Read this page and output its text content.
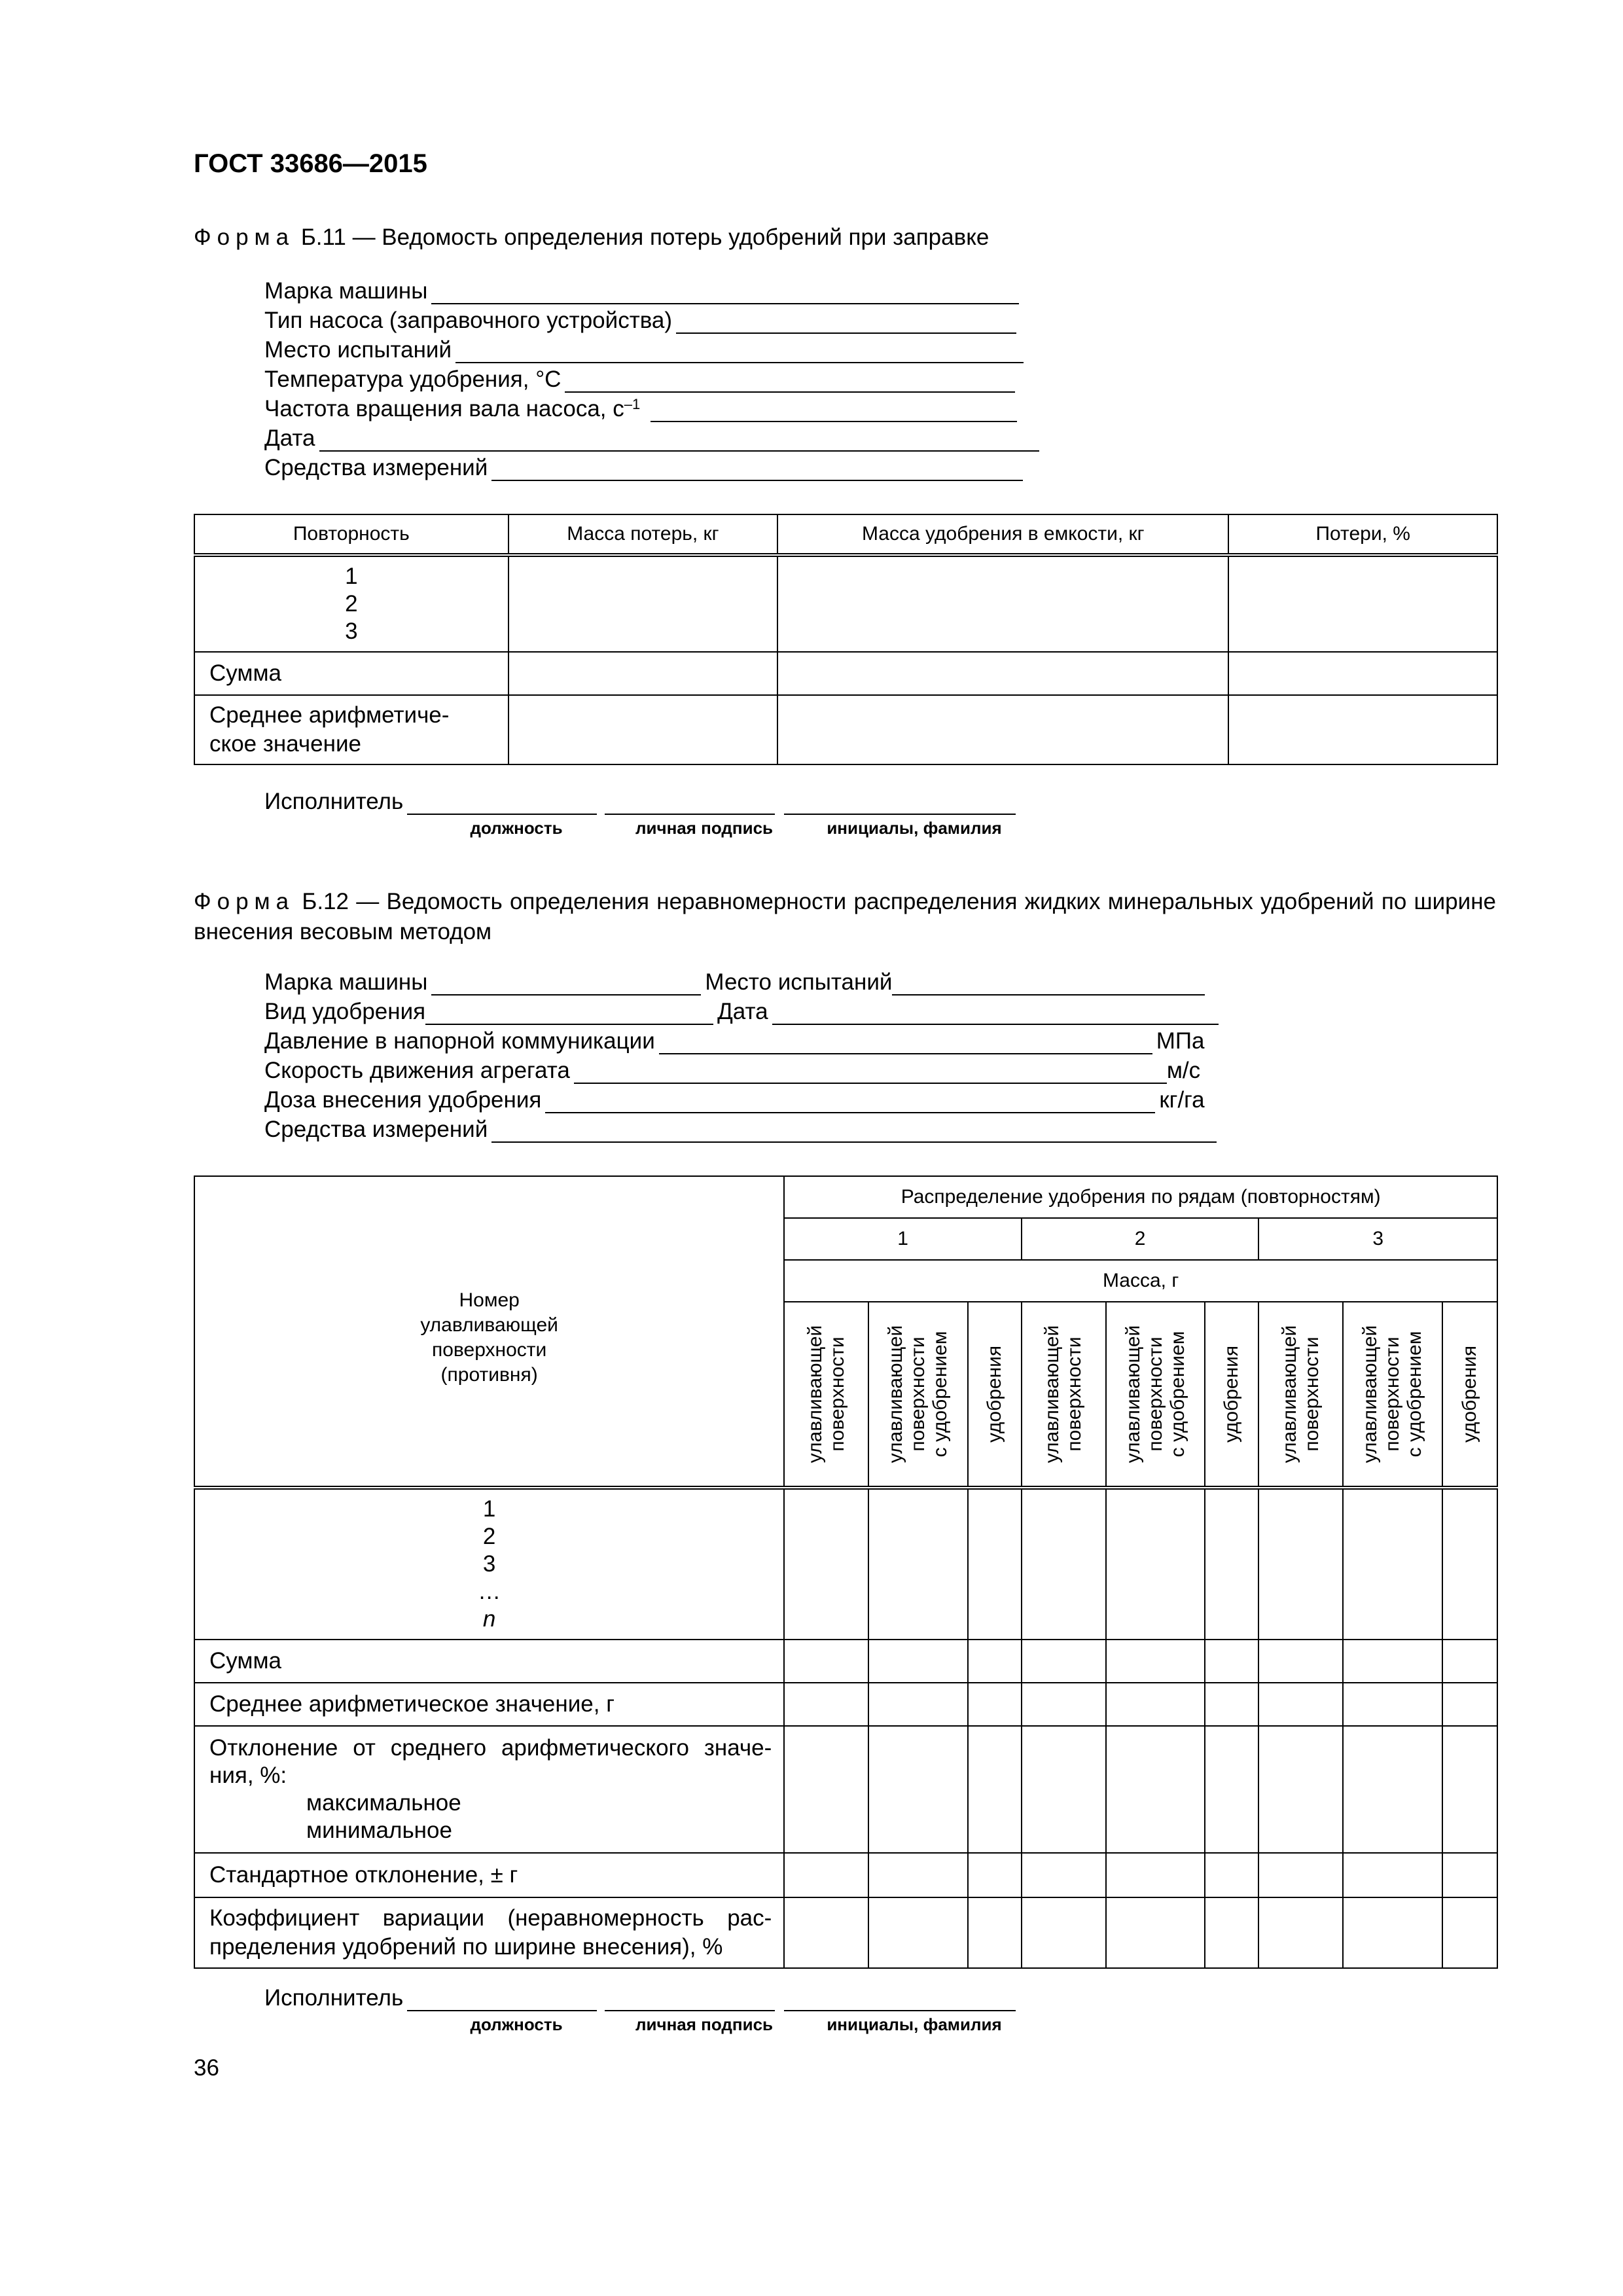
ГОСТ 33686—2015
Форма Б.11 — Ведомость определения потерь удобрений при заправке
Марка машины
Тип насоса (заправочного устройства)
Место испытаний
Температура удобрения, °С
Частота вращения вала насоса, $с^{-1}$
Дата
Средства измерений
Повторность	Масса потерь, кг	Масса удобрения в емкости, кг	Потери, %

1
2
3			

Сумма			

Среднее арифметиче-
ское значение			

Исполнитель
должность	личная подпись	инициалы, фамилия
Форма Б.12 — Ведомость определения неравномерности распределения жидких минеральных удобрений по ширине внесения весовым методом
Марка машины	Место испытаний
Вид удобрения	Дата
Давление в напорной коммуникации	МПа
Скорость движения агрегата	м/с
Доза внесения удобрения	кг/га
Средства измерений
Номер
улавливающей
поверхности
(противня)	Распределение удобрения по рядам (повторностям)								
	1			2			3		
	Масса, г								

	улавливающей поверхности	улавливающей поверхности с удобрением	удобрения	улавливающей поверхности	улавливающей поверхности с удобрением	удобрения	улавливающей поверхности	улавливающей поверхности с удобрением	удобрения

1
2
3
…
n									

Сумма									
Среднее арифметическое значение, г									

Отклонение от среднего арифметического значе-
ния, %:
максимальное
минимальное									

Стандартное отклонение, ± г									

Коэффициент вариации (неравномерность рас-
пределения удобрений по ширине внесения), %									

Исполнитель
должность	личная подпись	инициалы, фамилия
36
